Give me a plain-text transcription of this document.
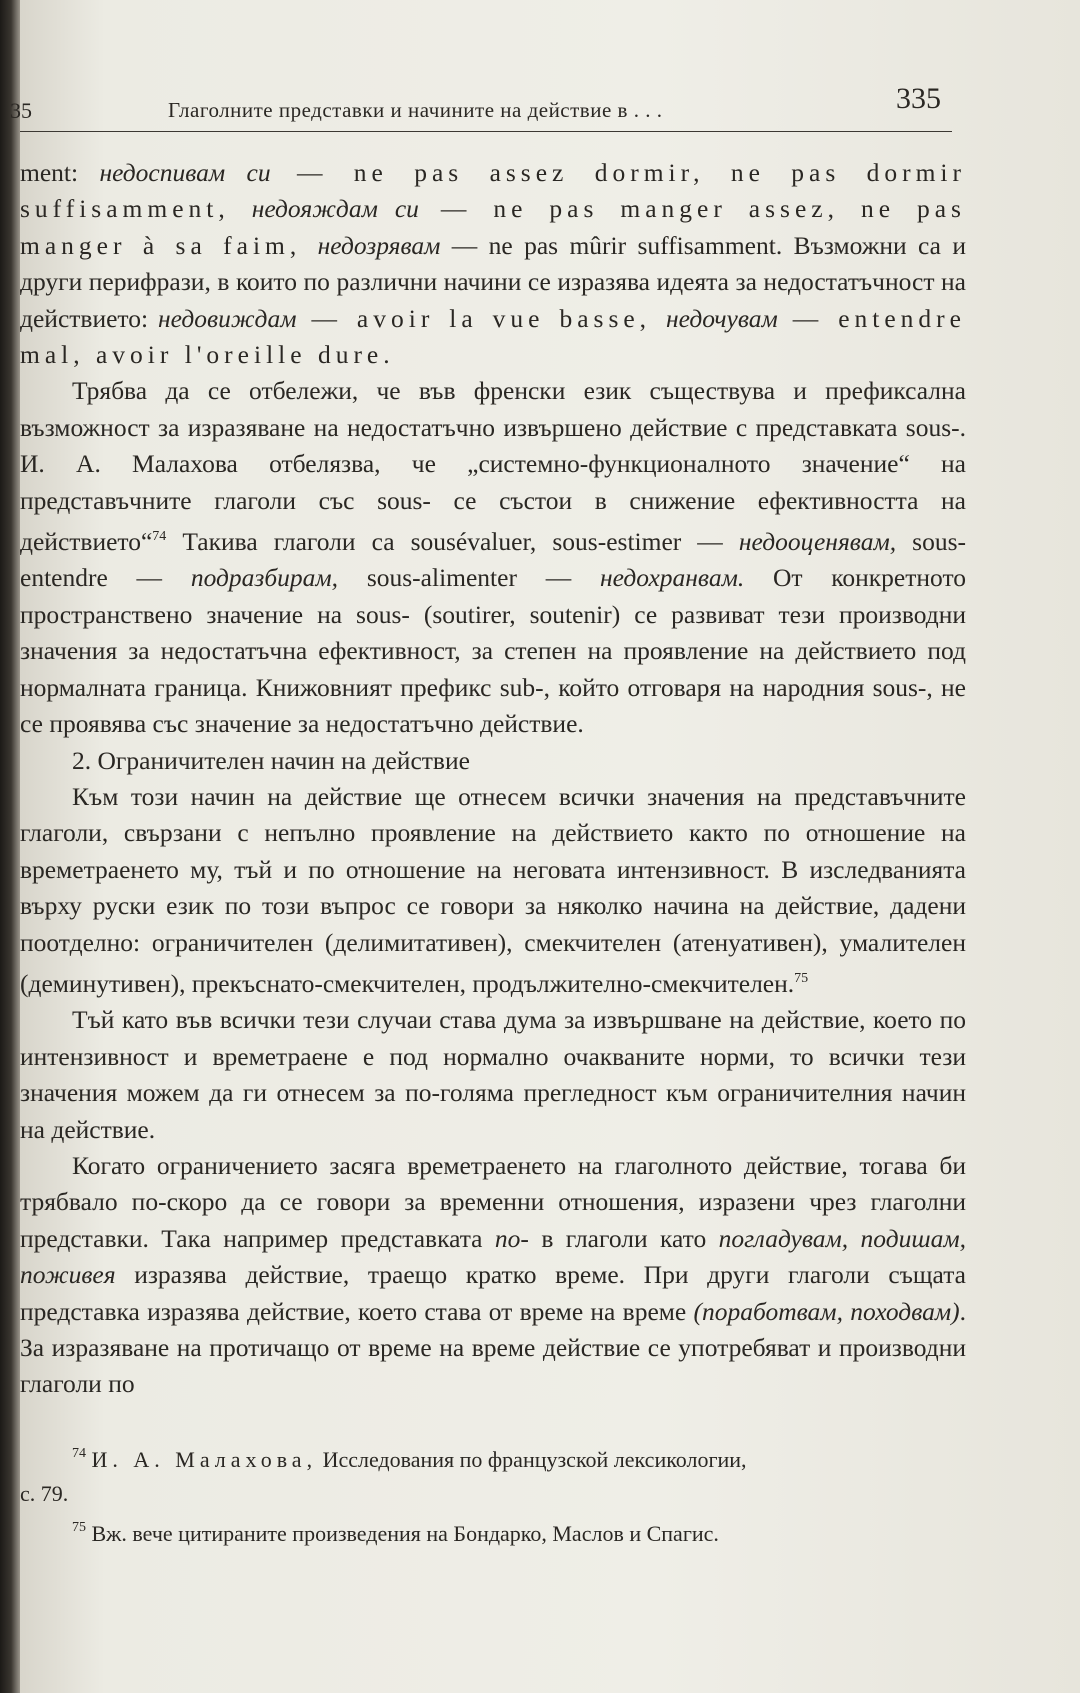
35	Глаголните представки и начините на действие в . . .	335

ment: недоспивам си — ne pas assez dormir, ne pas dormir suffisamment, недояждам си — ne pas manger assez, ne pas manger à sa faim, недозрявам — ne pas mûrir suffisamment. Възможни са и други перифрази, в които по различни начини се изразява идеята за недостатъчност на действието: недовиждам — avoir la vue basse, недочувам — entendre mal, avoir l'oreille dure.

Трябва да се отбележи, че във френски език съществува и префиксална възможност за изразяване на недостатъчно извършено действие с представката sous-. И. А. Малахова отбелязва, че „системно-функционалното значение“ на представъчните глаголи със sous- се състои в снижение ефективността на действието“$^{74}$ Такива глаголи са sousévaluer, sous-estimer — недооценявам, sous-entendre — подразбирам, sous-alimenter — недохранвам. От конкретното пространствено значение на sous- (soutirer, soutenir) се развиват тези производни значения за недостатъчна ефективност, за степен на проявление на действието под нормалната граница. Книжовният префикс sub-, който отговаря на народния sous-, не се проявява със значение за недостатъчно действие.

2. Ограничителен начин на действие

Към този начин на действие ще отнесем всички значения на представъчните глаголи, свързани с непълно проявление на действието както по отношение на времетраенето му, тъй и по отношение на неговата интензивност. В изследванията върху руски език по този въпрос се говори за няколко начина на действие, дадени поотделно: ограничителен (делимитативен), смекчителен (атенуативен), умалителен (деминутивен), прекъснато-смекчителен, продължително-смекчителен.$^{75}$

Тъй като във всички тези случаи става дума за извършване на действие, което по интензивност и времетраене е под нормално очакваните норми, то всички тези значения можем да ги отнесем за по-голяма прегледност към ограничителния начин на действие.

Когато ограничението засяга времетраенето на глаголното действие, тогава би трябвало по-скоро да се говори за временни отношения, изразени чрез глаголни представки. Така например представката по- в глаголи като погладувам, подишам, поживея изразява действие, траещо кратко време. При други глаголи същата представка изразява действие, което става от време на време (поработвам, походвам). За изразяване на протичащо от време на време действие се употребяват и производни глаголи по

$^{74}$ И. А. Малахова, Исследования по французской лексикологии,

с. 79.

$^{75}$ Вж. вече цитираните произведения на Бондарко, Маслов и Спагис.
